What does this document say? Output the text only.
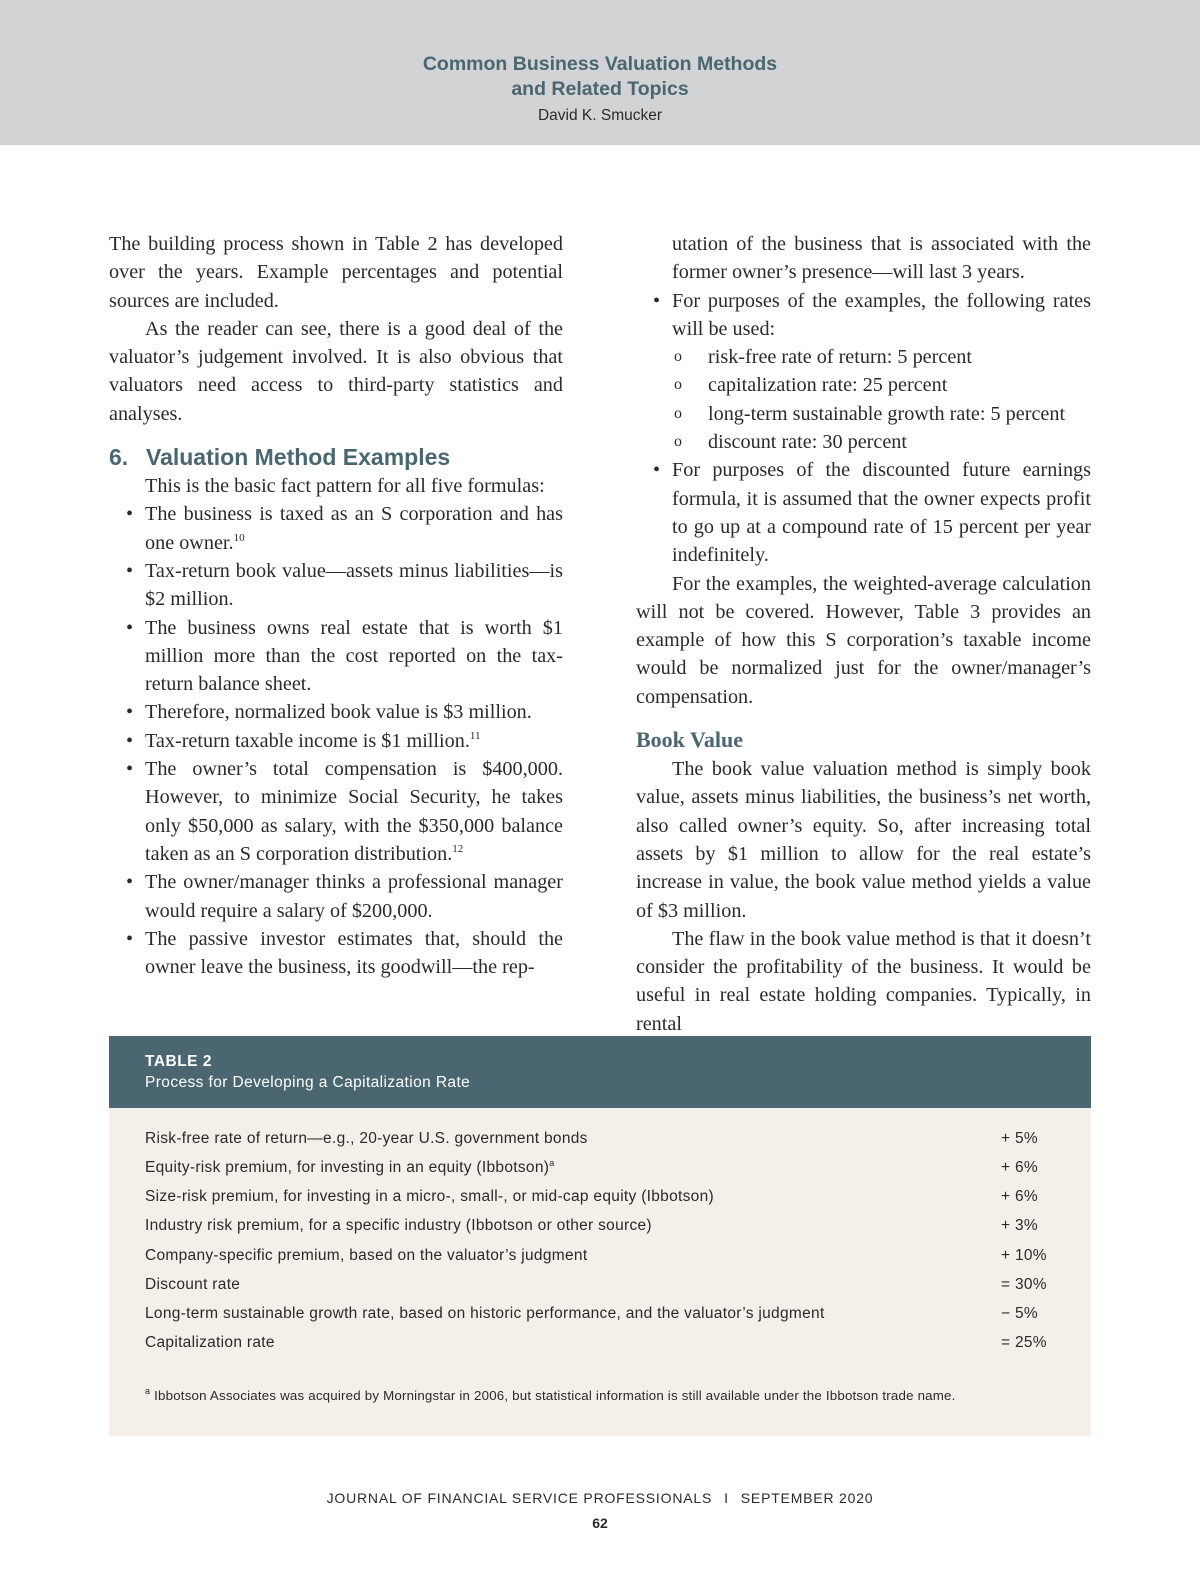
Common Business Valuation Methods
and Related Topics
David K. Smucker

The building process shown in Table 2 has developed over the years. Example percentages and potential sources are included.

As the reader can see, there is a good deal of the valuator’s judgement involved. It is also obvious that valuators need access to third-party statistics and analyses.

6. Valuation Method Examples

This is the basic fact pattern for all five formulas:

• The business is taxed as an S corporation and has one owner.$^{10}$
• Tax-return book value—assets minus liabilities—is $2 million.
• The business owns real estate that is worth $1 million more than the cost reported on the tax-return balance sheet.
• Therefore, normalized book value is $3 million.
• Tax-return taxable income is $1 million.$^{11}$
• The owner’s total compensation is $400,000. However, to minimize Social Security, he takes only $50,000 as salary, with the $350,000 balance taken as an S corporation distribution.$^{12}$
• The owner/manager thinks a professional manager would require a salary of $200,000.
• The passive investor estimates that, should the owner leave the business, its goodwill—the rep-
utation of the business that is associated with the former owner’s presence—will last 3 years.
• For purposes of the examples, the following rates will be used:
o risk-free rate of return: 5 percent
o capitalization rate: 25 percent
o long-term sustainable growth rate: 5 percent
o discount rate: 30 percent
• For purposes of the discounted future earnings formula, it is assumed that the owner expects profit to go up at a compound rate of 15 percent per year indefinitely.

For the examples, the weighted-average calculation will not be covered. However, Table 3 provides an example of how this S corporation’s taxable income would be normalized just for the owner/manager’s compensation.

Book Value

The book value valuation method is simply book value, assets minus liabilities, the business’s net worth, also called owner’s equity. So, after increasing total assets by $1 million to allow for the real estate’s increase in value, the book value method yields a value of $3 million.

The flaw in the book value method is that it doesn’t consider the profitability of the business. It would be useful in real estate holding companies. Typically, in rental

TABLE 2
Process for Developing a Capitalization Rate
Risk-free rate of return—e.g., 20-year U.S. government bonds	+ 5%
Equity-risk premium, for investing in an equity (Ibbotson)$^a$	+ 6%
Size-risk premium, for investing in a micro-, small-, or mid-cap equity (Ibbotson)	+ 6%
Industry risk premium, for a specific industry (Ibbotson or other source)	+ 3%
Company-specific premium, based on the valuator’s judgment	+ 10%
Discount rate	= 30%
Long-term sustainable growth rate, based on historic performance, and the valuator’s judgment	− 5%
Capitalization rate	= 25%
$^a$ Ibbotson Associates was acquired by Morningstar in 2006, but statistical information is still available under the Ibbotson trade name.
JOURNAL OF FINANCIAL SERVICE PROFESSIONALS I SEPTEMBER 2020
62
